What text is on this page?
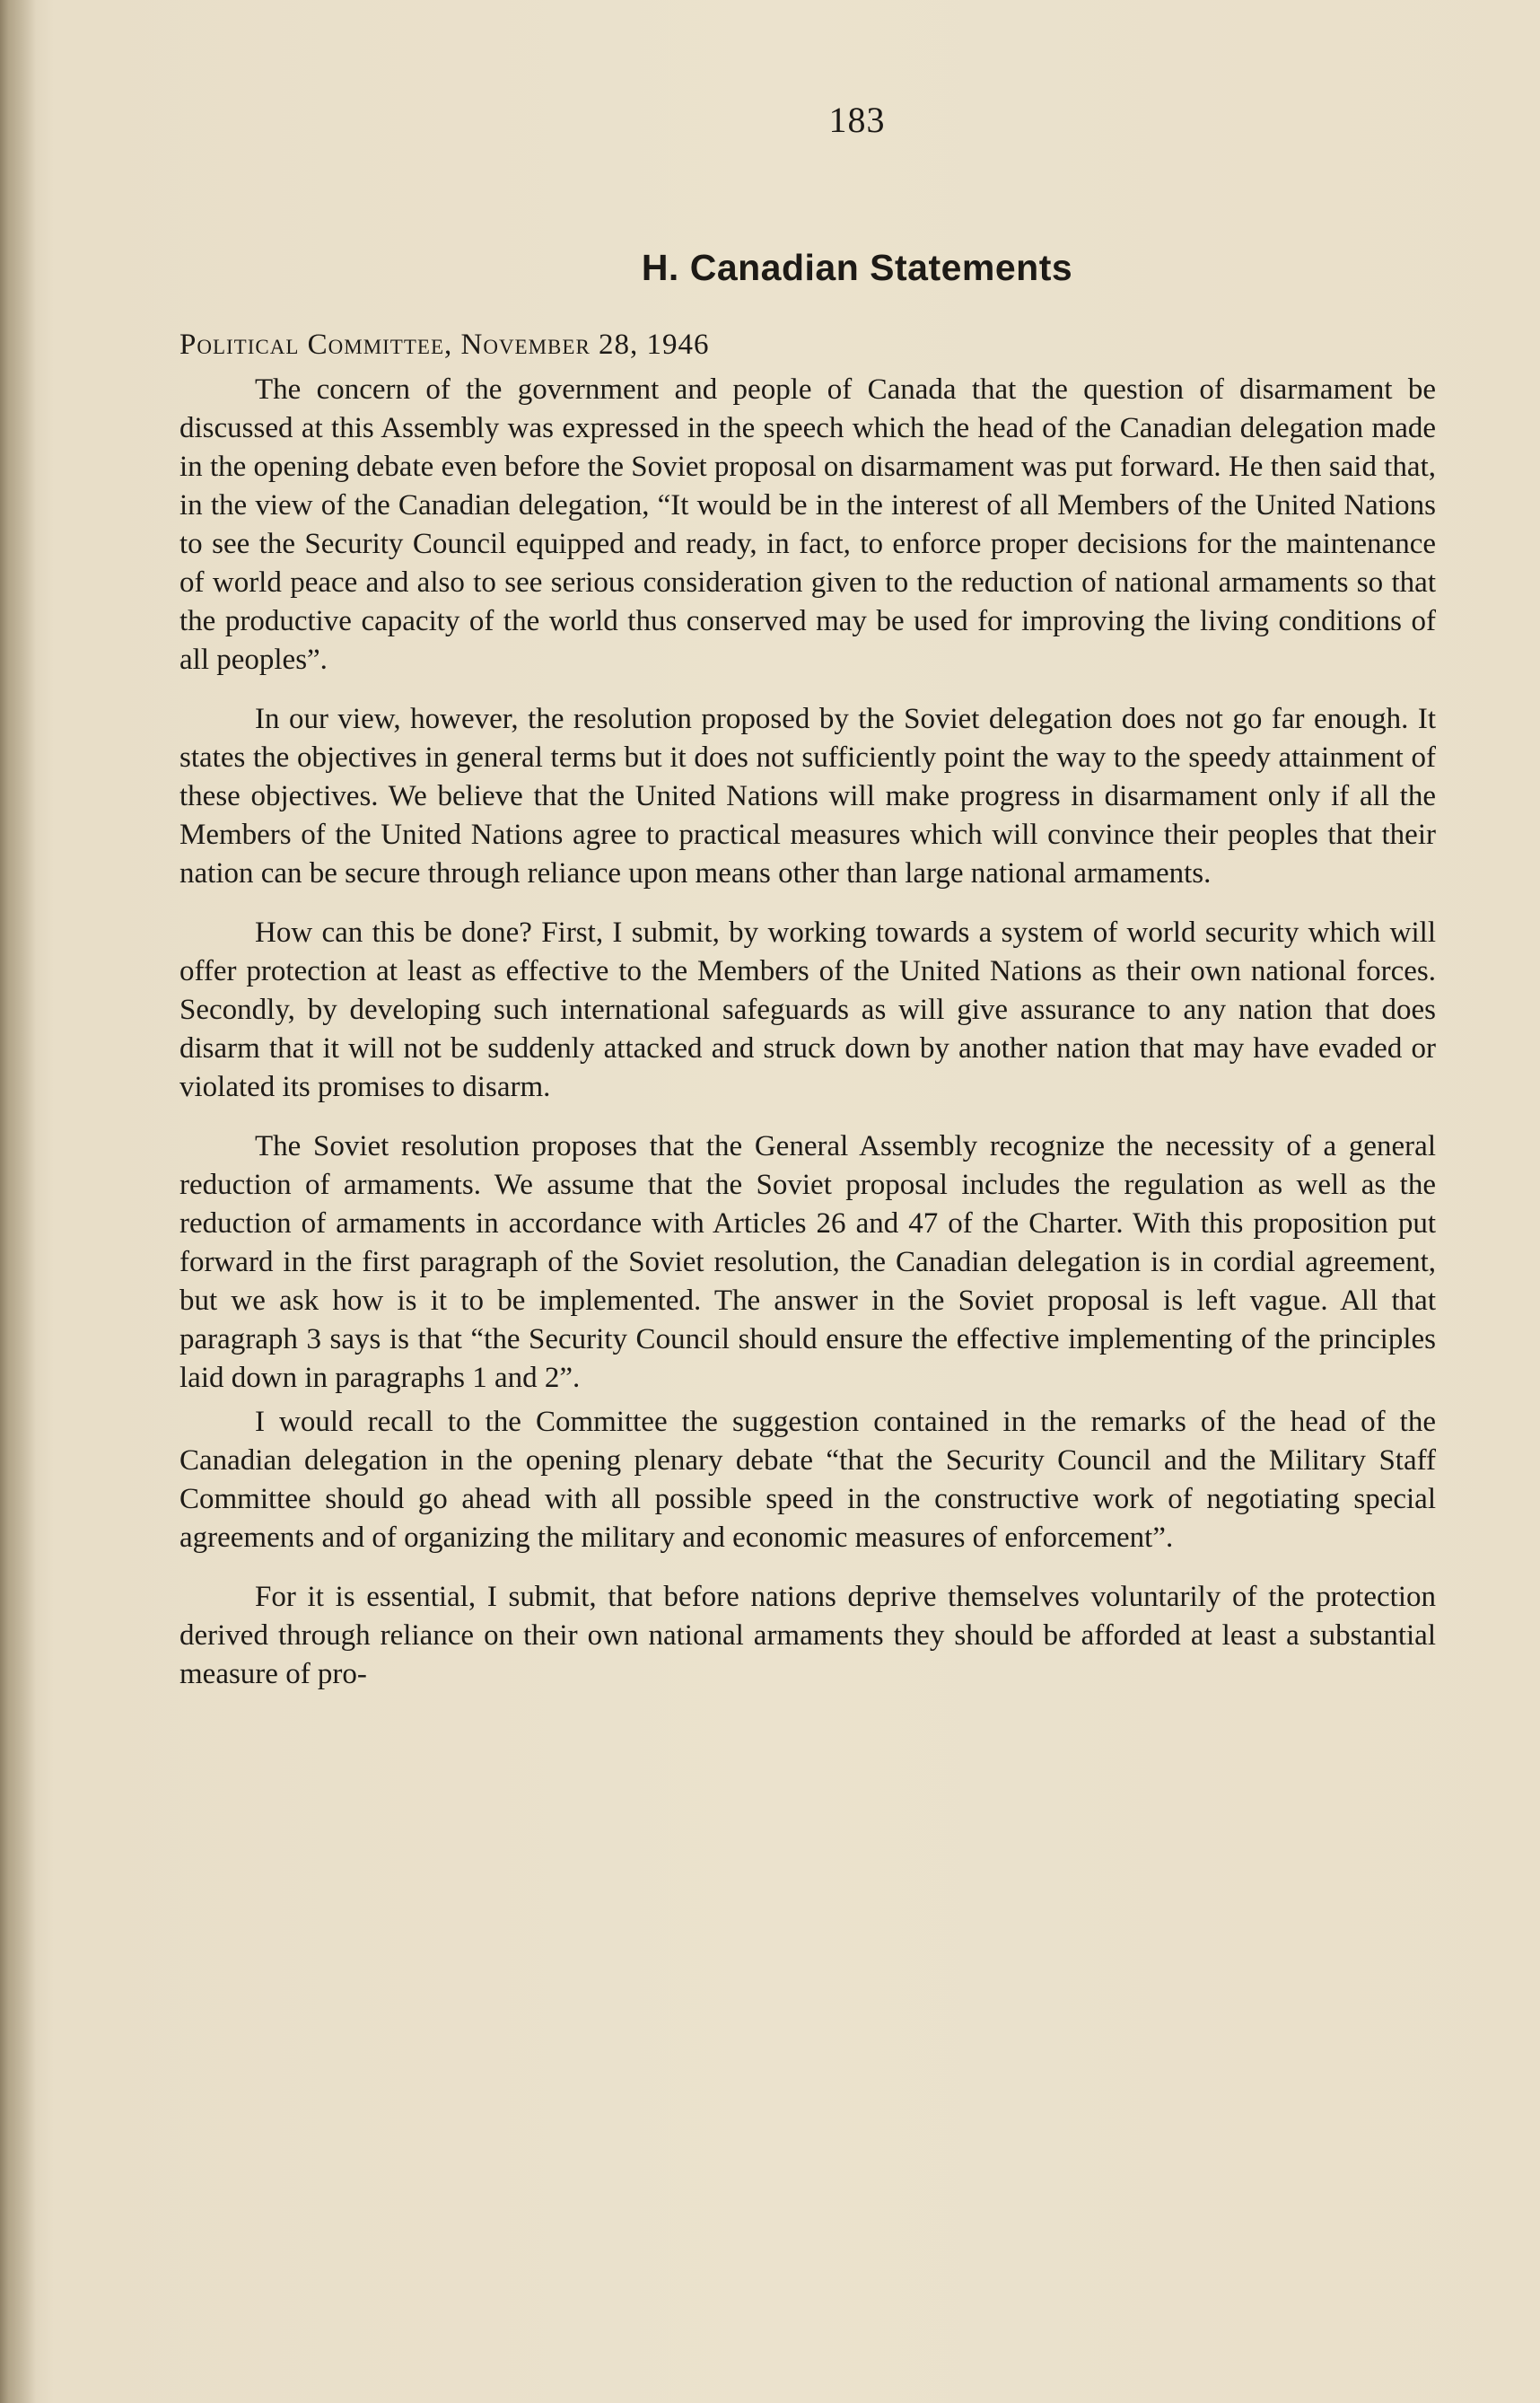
183
H. Canadian Statements
Political Committee, November 28, 1946

The concern of the government and people of Canada that the question of disarmament be discussed at this Assembly was expressed in the speech which the head of the Canadian delegation made in the opening debate even before the Soviet proposal on disarmament was put forward. He then said that, in the view of the Canadian delegation, “It would be in the interest of all Members of the United Nations to see the Security Council equipped and ready, in fact, to enforce proper decisions for the maintenance of world peace and also to see serious consideration given to the reduction of national armaments so that the productive capacity of the world thus conserved may be used for improving the living conditions of all peoples”.

In our view, however, the resolution proposed by the Soviet delegation does not go far enough. It states the objectives in general terms but it does not sufficiently point the way to the speedy attainment of these objectives. We believe that the United Nations will make progress in disarmament only if all the Members of the United Nations agree to practical measures which will convince their peoples that their nation can be secure through reliance upon means other than large national armaments.

How can this be done? First, I submit, by working towards a system of world security which will offer protection at least as effective to the Members of the United Nations as their own national forces. Secondly, by developing such international safeguards as will give assurance to any nation that does disarm that it will not be suddenly attacked and struck down by another nation that may have evaded or violated its promises to disarm.

The Soviet resolution proposes that the General Assembly recognize the necessity of a general reduction of armaments. We assume that the Soviet proposal includes the regulation as well as the reduction of armaments in accordance with Articles 26 and 47 of the Charter. With this proposition put forward in the first paragraph of the Soviet resolution, the Canadian delegation is in cordial agreement, but we ask how is it to be implemented. The answer in the Soviet proposal is left vague. All that paragraph 3 says is that “the Security Council should ensure the effective implementing of the principles laid down in paragraphs 1 and 2”.

I would recall to the Committee the suggestion contained in the remarks of the head of the Canadian delegation in the opening plenary debate “that the Security Council and the Military Staff Committee should go ahead with all possible speed in the constructive work of negotiating special agreements and of organizing the military and economic measures of enforcement”.

For it is essential, I submit, that before nations deprive themselves voluntarily of the protection derived through reliance on their own national armaments they should be afforded at least a substantial measure of pro-
